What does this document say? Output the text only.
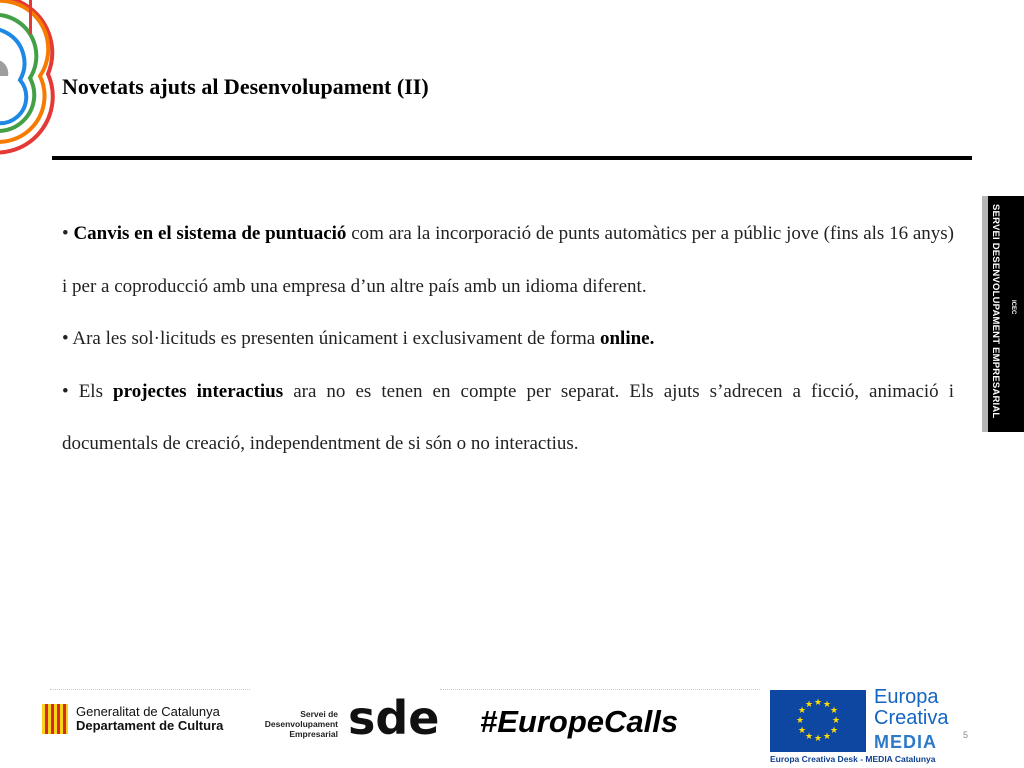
Novetats ajuts al Desenvolupament (II)

• Canvis en el sistema de puntuació com ara la incorporació de punts automàtics per a públic jove (fins als 16 anys) i per a coproducció amb una empresa d’un altre país amb un idioma diferent.

• Ara les sol·licituds es presenten únicament i exclusivament de forma online.

• Els projectes interactius ara no es tenen en compte per separat. Els ajuts s’adrecen a ficció, animació i documentals de creació, independentment de si són o no interactius.

SERVEI DESENVOLUPAMENT EMPRESARIAL ICEC
Generalitat de Catalunya
Departament de Cultura
Servei de
Desenvolupament
Empresarial sde #EuropeCalls
★ ★
★
★
★
★
★
★
★
★
★
★	Europa
Creativa
MEDIA
Europa Creativa Desk - MEDIA Catalunya
5
